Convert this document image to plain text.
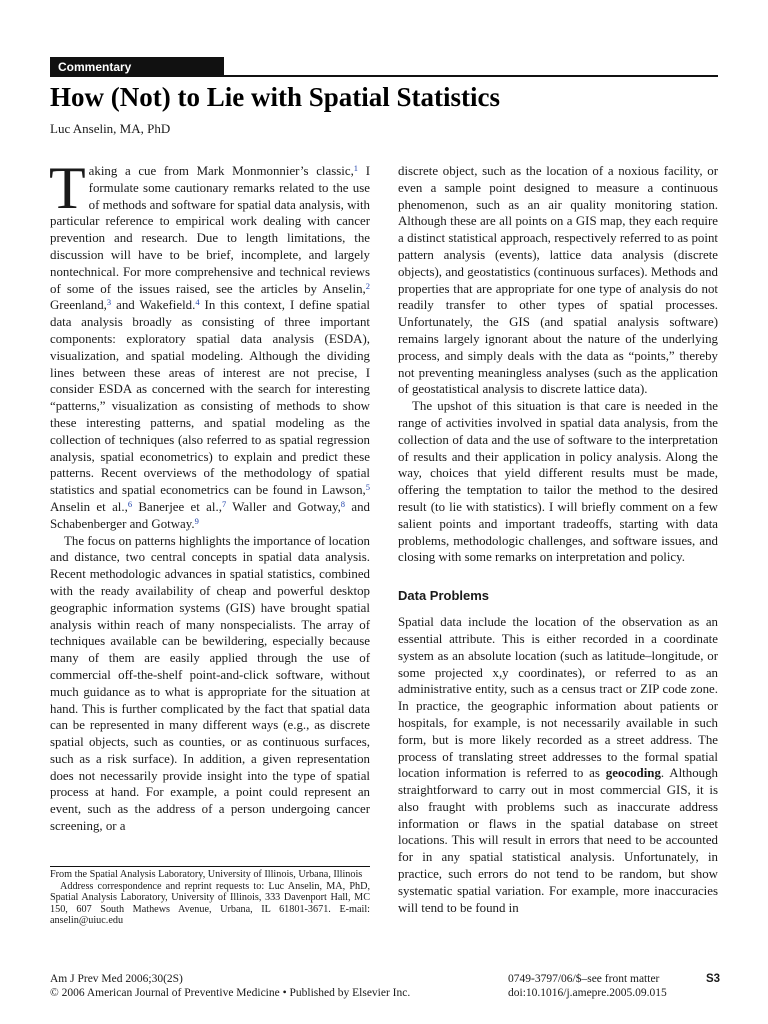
Commentary
How (Not) to Lie with Spatial Statistics
Luc Anselin, MA, PhD

Taking a cue from Mark Monmonnier’s classic,$^1$ I formulate some cautionary remarks related to the use of methods and software for spatial data analysis, with particular reference to empirical work dealing with cancer prevention and research. Due to length limitations, the discussion will have to be brief, incomplete, and largely nontechnical. For more comprehensive and technical reviews of some of the issues raised, see the articles by Anselin,$^2$ Greenland,$^3$ and Wakefield.$^4$ In this context, I define spatial data analysis broadly as consisting of three important components: exploratory spatial data analysis (ESDA), visualization, and spatial modeling. Although the dividing lines between these areas of interest are not precise, I consider ESDA as concerned with the search for interesting “patterns,” visualization as consisting of methods to show these interesting patterns, and spatial modeling as the collection of techniques (also referred to as spatial regression analysis, spatial econometrics) to explain and predict these patterns. Recent overviews of the methodology of spatial statistics and spatial econometrics can be found in Lawson,$^5$ Anselin et al.,$^6$ Banerjee et al.,$^7$ Waller and Gotway,$^8$ and Schabenberger and Gotway.$^9$

The focus on patterns highlights the importance of location and distance, two central concepts in spatial data analysis. Recent methodologic advances in spatial statistics, combined with the ready availability of cheap and powerful desktop geographic information systems (GIS) have brought spatial analysis within reach of many nonspecialists. The array of techniques available can be bewildering, especially because many of them are easily applied through the use of commercial off-the-shelf point-and-click software, without much guidance as to what is appropriate for the situation at hand. This is further complicated by the fact that spatial data can be represented in many different ways (e.g., as discrete spatial objects, such as counties, or as continuous surfaces, such as a risk surface). In addition, a given representation does not necessarily provide insight into the type of spatial process at hand. For example, a point could represent an event, such as the address of a person undergoing cancer screening, or a

discrete object, such as the location of a noxious facility, or even a sample point designed to measure a continuous phenomenon, such as an air quality monitoring station. Although these are all points on a GIS map, they each require a distinct statistical approach, respectively referred to as point pattern analysis (events), lattice data analysis (discrete objects), and geostatistics (continuous surfaces). Methods and properties that are appropriate for one type of analysis do not readily transfer to other types of spatial processes. Unfortunately, the GIS (and spatial analysis software) remains largely ignorant about the nature of the underlying process, and simply deals with the data as “points,” thereby not preventing meaningless analyses (such as the application of geostatistical analysis to discrete lattice data).

The upshot of this situation is that care is needed in the range of activities involved in spatial data analysis, from the collection of data and the use of software to the interpretation of results and their application in policy analysis. Along the way, choices that yield different results must be made, offering the temptation to tailor the method to the desired result (to lie with statistics). I will briefly comment on a few salient points and important tradeoffs, starting with data problems, methodologic challenges, and software issues, and closing with some remarks on interpretation and policy.

Data Problems

Spatial data include the location of the observation as an essential attribute. This is either recorded in a coordinate system as an absolute location (such as latitude–longitude, or some projected x,y coordinates), or referred to as an administrative entity, such as a census tract or ZIP code zone. In practice, the geographic information about patients or hospitals, for example, is not necessarily available in such form, but is more likely recorded as a street address. The process of translating street addresses to the formal spatial location information is referred to as geocoding. Although straightforward to carry out in most commercial GIS, it is also fraught with problems such as inaccurate address information or flaws in the spatial database on street locations. This will result in errors that need to be accounted for in any spatial statistical analysis. Unfortunately, in practice, such errors do not tend to be random, but show systematic spatial variation. For example, more inaccuracies will tend to be found in

From the Spatial Analysis Laboratory, University of Illinois, Urbana, Illinois

Address correspondence and reprint requests to: Luc Anselin, MA, PhD, Spatial Analysis Laboratory, University of Illinois, 333 Davenport Hall, MC 150, 607 South Mathews Avenue, Urbana, IL 61801-3671. E-mail: anselin@uiuc.edu

Am J Prev Med 2006;30(2S)
© 2006 American Journal of Preventive Medicine • Published by Elsevier Inc.
0749-3797/06/$–see front matter
doi:10.1016/j.amepre.2005.09.015
S3
